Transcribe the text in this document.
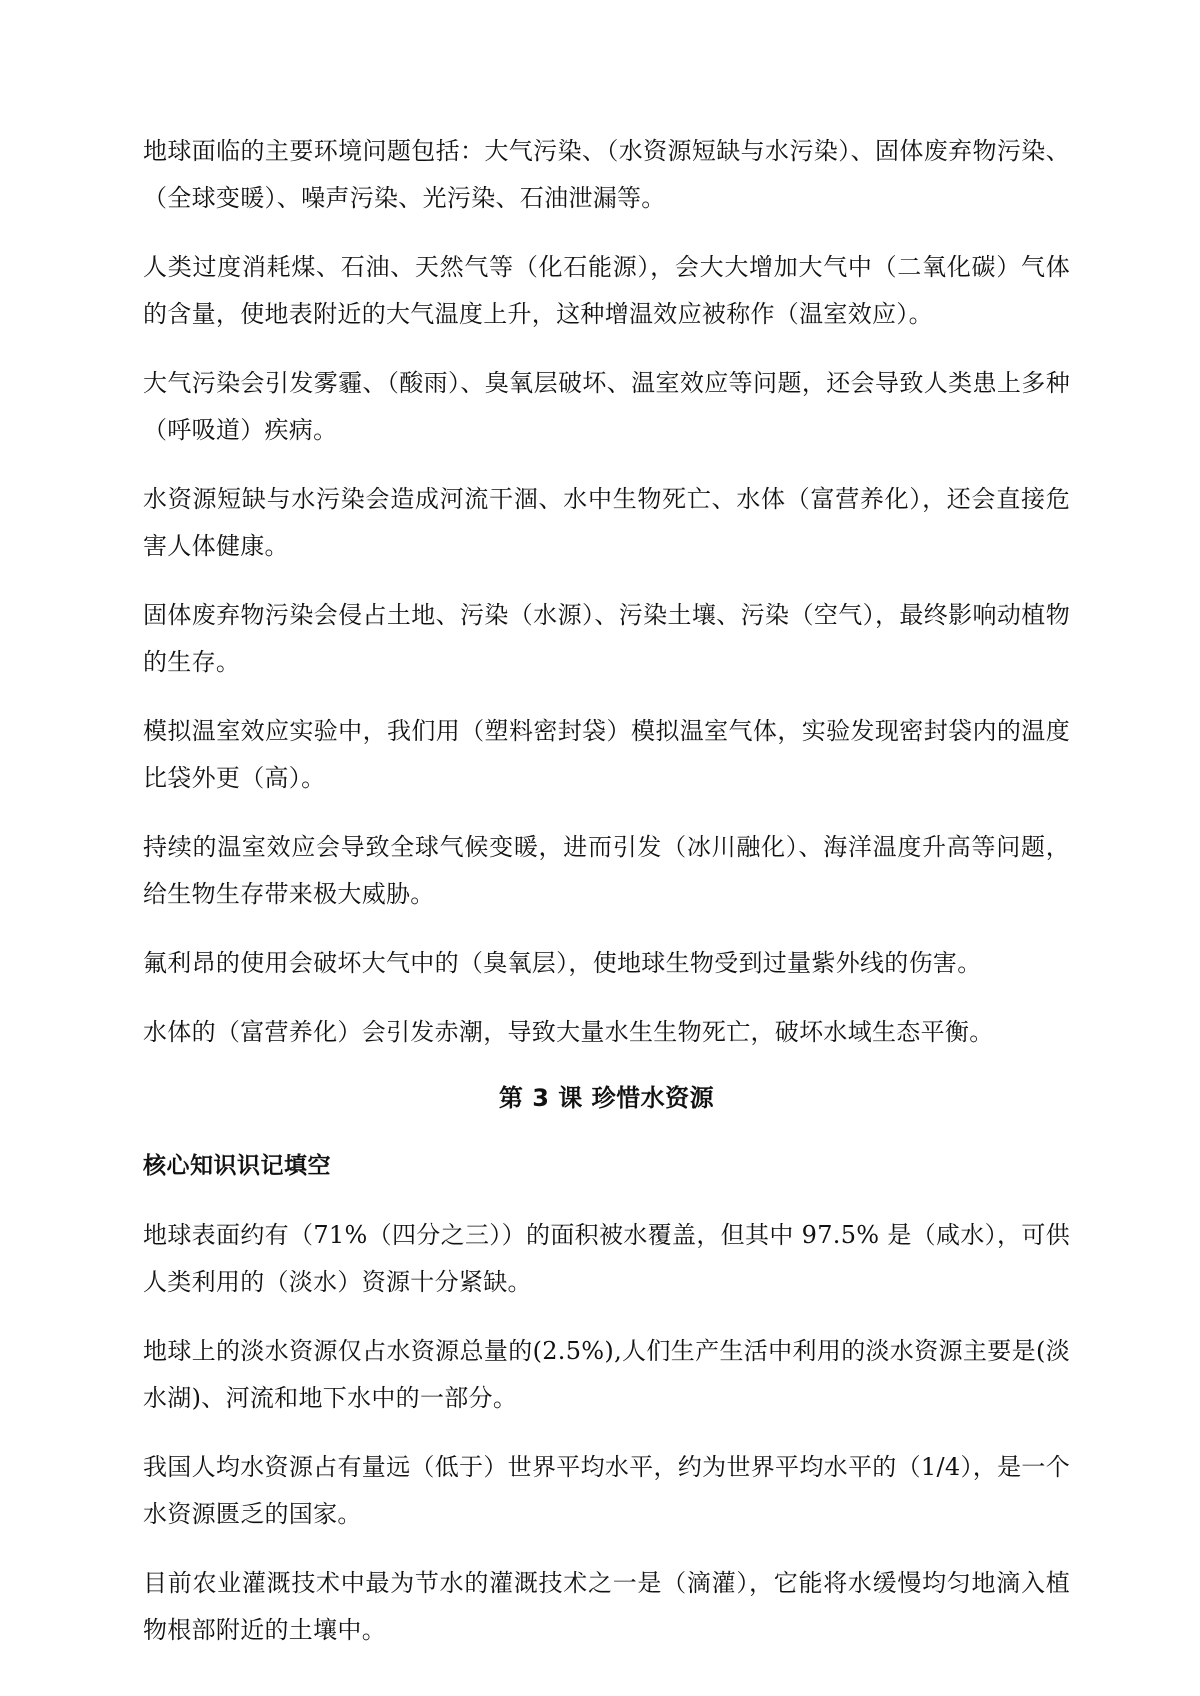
地球面临的主要环境问题包括：大气污染、（水资源短缺与水污染）、固体废弃物污染、（全球变暖）、噪声污染、光污染、石油泄漏等。

人类过度消耗煤、石油、天然气等（化石能源），会大大增加大气中（二氧化碳）气体的含量，使地表附近的大气温度上升，这种增温效应被称作（温室效应）。

大气污染会引发雾霾、（酸雨）、臭氧层破坏、温室效应等问题，还会导致人类患上多种（呼吸道）疾病。

水资源短缺与水污染会造成河流干涸、水中生物死亡、水体（富营养化），还会直接危害人体健康。

固体废弃物污染会侵占土地、污染（水源）、污染土壤、污染（空气），最终影响动植物的生存。

模拟温室效应实验中，我们用（塑料密封袋）模拟温室气体，实验发现密封袋内的温度比袋外更（高）。

持续的温室效应会导致全球气候变暖，进而引发（冰川融化）、海洋温度升高等问题，给生物生存带来极大威胁。

氟利昂的使用会破坏大气中的（臭氧层），使地球生物受到过量紫外线的伤害。

水体的（富营养化）会引发赤潮，导致大量水生生物死亡，破坏水域生态平衡。

第 3 课 珍惜水资源
核心知识识记填空

地球表面约有（71%（四分之三））的面积被水覆盖，但其中 97.5% 是（咸水），可供人类利用的（淡水）资源十分紧缺。

地球上的淡水资源仅占水资源总量的(2.5%),人们生产生活中利用的淡水资源主要是(淡水湖)、河流和地下水中的一部分。

我国人均水资源占有量远（低于）世界平均水平，约为世界平均水平的（1/4），是一个水资源匮乏的国家。

目前农业灌溉技术中最为节水的灌溉技术之一是（滴灌），它能将水缓慢均匀地滴入植物根部附近的土壤中。
